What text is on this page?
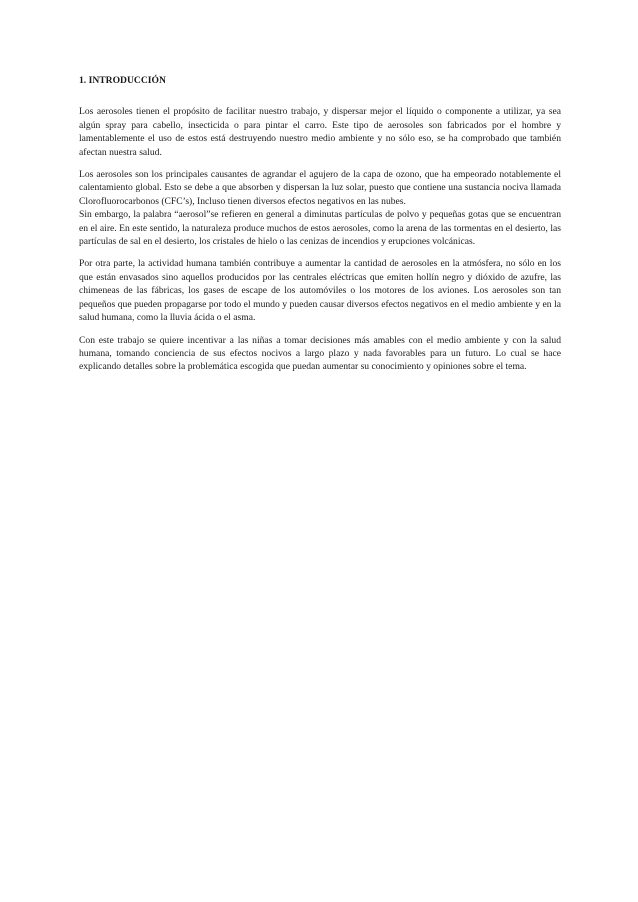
1. INTRODUCCIÓN

Los aerosoles tienen el propósito de facilitar nuestro trabajo, y dispersar mejor el líquido o componente a utilizar, ya sea algún spray para cabello, insecticida o para pintar el carro. Este tipo de aerosoles son fabricados por el hombre y lamentablemente el uso de estos está destruyendo nuestro medio ambiente y no sólo eso, se ha comprobado que también afectan nuestra salud.

Los aerosoles son los principales causantes de agrandar el agujero de la capa de ozono, que ha empeorado notablemente el calentamiento global. Esto se debe a que absorben y dispersan la luz solar, puesto que contiene una sustancia nociva llamada Clorofluorocarbonos (CFC’s), Incluso tienen diversos efectos negativos en las nubes.
Sin embargo, la palabra “aerosol”se refieren en general a diminutas partículas de polvo y pequeñas gotas que se encuentran en el aire. En este sentido, la naturaleza produce muchos de estos aerosoles, como la arena de las tormentas en el desierto, las partículas de sal en el desierto, los cristales de hielo o las cenizas de incendios y erupciones volcánicas.

Por otra parte, la actividad humana también contribuye a aumentar la cantidad de aerosoles en la atmósfera, no sólo en los que están envasados sino aquellos producidos por las centrales eléctricas que emiten hollín negro y dióxido de azufre, las chimeneas de las fábricas, los gases de escape de los automóviles o los motores de los aviones. Los aerosoles son tan pequeños que pueden propagarse por todo el mundo y pueden causar diversos efectos negativos en el medio ambiente y en la salud humana, como la lluvia ácida o el asma.

Con este trabajo se quiere incentivar a las niñas a tomar decisiones más amables con el medio ambiente y con la salud humana, tomando conciencia de sus efectos nocivos a largo plazo y nada favorables para un futuro. Lo cual se hace explicando detalles sobre la problemática escogida que puedan aumentar su conocimiento y opiniones sobre el tema.
